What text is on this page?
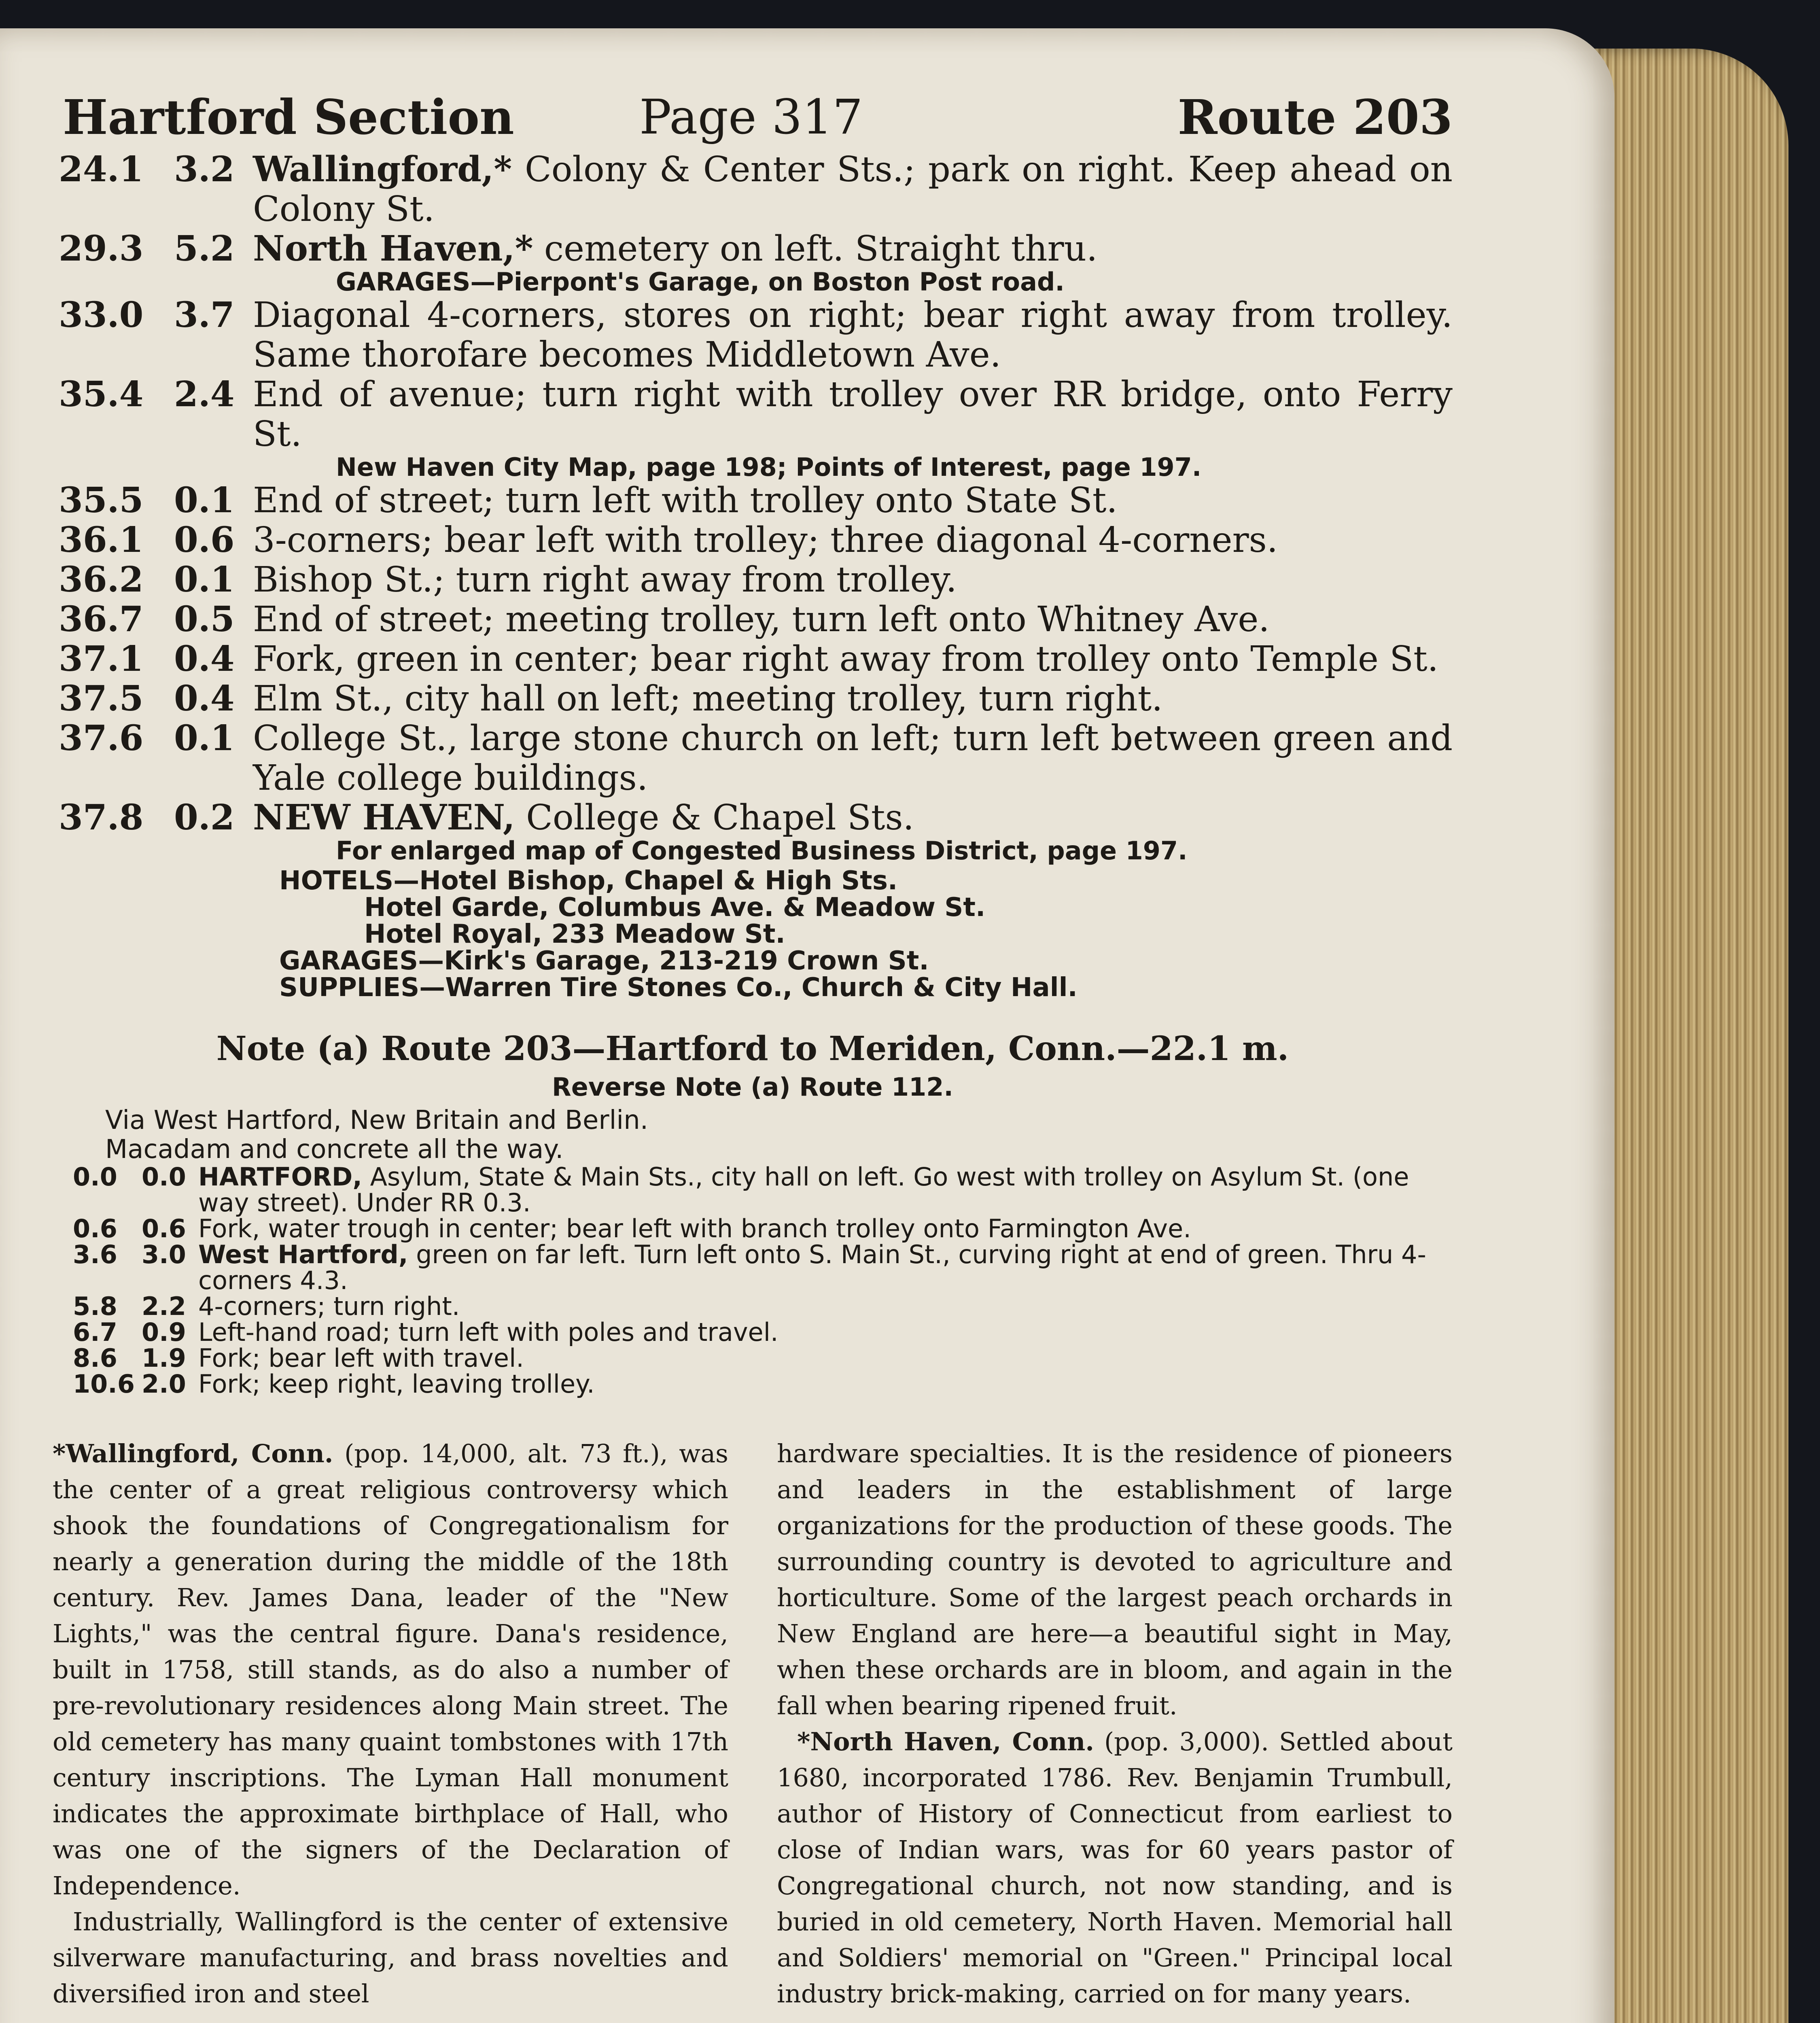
Hartford Section	Page 317	Route 203
24.1 3.2 Wallingford,* Colony & Center Sts.; park on right. Keep ahead on Colony St.
29.3 5.2 North Haven,* cemetery on left. Straight thru.
GARAGES—Pierpont's Garage, on Boston Post road.
33.0 3.7 Diagonal 4-corners, stores on right; bear right away from trolley. Same thorofare becomes Middletown Ave.
35.4 2.4 End of avenue; turn right with trolley over RR bridge, onto Ferry St.
New Haven City Map, page 198; Points of Interest, page 197.
35.5 0.1 End of street; turn left with trolley onto State St.
36.1 0.6 3-corners; bear left with trolley; three diagonal 4-corners.
36.2 0.1 Bishop St.; turn right away from trolley.
36.7 0.5 End of street; meeting trolley, turn left onto Whitney Ave.
37.1 0.4 Fork, green in center; bear right away from trolley onto Temple St.
37.5 0.4 Elm St., city hall on left; meeting trolley, turn right.
37.6 0.1 College St., large stone church on left; turn left between green and Yale college buildings.
37.8 0.2 NEW HAVEN, College & Chapel Sts.
For enlarged map of Congested Business District, page 197.
HOTELS—Hotel Bishop, Chapel & High Sts.
Hotel Garde, Columbus Ave. & Meadow St.
Hotel Royal, 233 Meadow St.
GARAGES—Kirk's Garage, 213-219 Crown St.
SUPPLIES—Warren Tire Stones Co., Church & City Hall.
Note (a) Route 203—Hartford to Meriden, Conn.—22.1 m.
Reverse Note (a) Route 112.
Via West Hartford, New Britain and Berlin.
Macadam and concrete all the way.
0.0 0.0 HARTFORD, Asylum, State & Main Sts., city hall on left. Go west with trolley on Asylum St. (one way street). Under RR 0.3.
0.6 0.6 Fork, water trough in center; bear left with branch trolley onto Farmington Ave.
3.6 3.0 West Hartford, green on far left. Turn left onto S. Main St., curving right at end of green. Thru 4-corners 4.3.
5.8 2.2 4-corners; turn right.
6.7 0.9 Left-hand road; turn left with poles and travel.
8.6 1.9 Fork; bear left with travel.
10.6 2.0 Fork; keep right, leaving trolley.

*Wallingford, Conn. (pop. 14,000, alt. 73 ft.), was the center of a great religious controversy which shook the foundations of Congregationalism for nearly a generation during the middle of the 18th century. Rev. James Dana, leader of the "New Lights," was the central figure. Dana's residence, built in 1758, still stands, as do also a number of pre-revolutionary residences along Main street. The old cemetery has many quaint tombstones with 17th century inscriptions. The Lyman Hall monument indicates the approximate birthplace of Hall, who was one of the signers of the Declaration of Independence.

Industrially, Wallingford is the center of extensive silverware manufacturing, and brass novelties and diversified iron and steel

hardware specialties. It is the residence of pioneers and leaders in the establishment of large organizations for the production of these goods. The surrounding country is devoted to agriculture and horticulture. Some of the largest peach orchards in New England are here—a beautiful sight in May, when these orchards are in bloom, and again in the fall when bearing ripened fruit.

*North Haven, Conn. (pop. 3,000). Settled about 1680, incorporated 1786. Rev. Benjamin Trumbull, author of History of Connecticut from earliest to close of Indian wars, was for 60 years pastor of Congregational church, not now standing, and is buried in old cemetery, North Haven. Memorial hall and Soldiers' memorial on "Green." Principal local industry brick-making, carried on for many years.
